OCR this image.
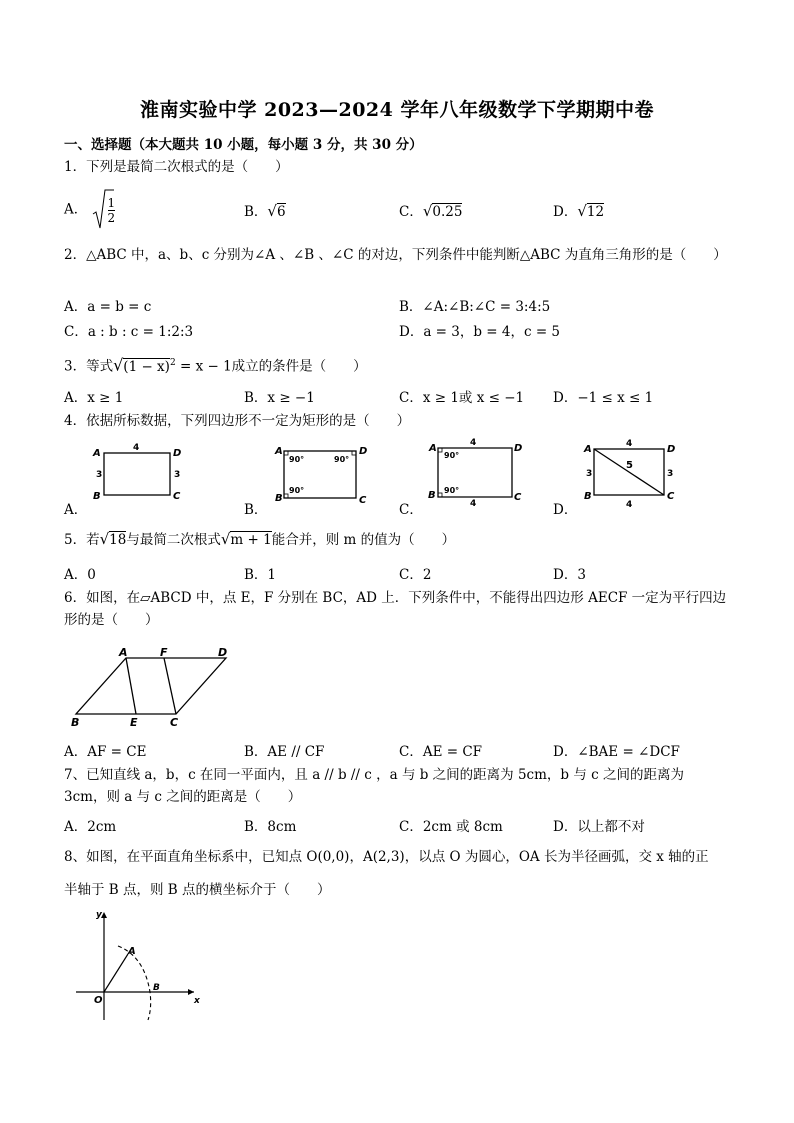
淮南实验中学 2023—2024 学年八年级数学下学期期中卷
一、选择题（本大题共 10 小题，每小题 3 分，共 30 分）
1．下列是最简二次根式的是（　　）
A． $\frac{1}{2}$	B．√6	C．√0.25	D．√12
2．△ABC 中，a、b、c 分别为∠A 、∠B 、∠C 的对边，下列条件中能判断△ABC 为直角三角形的是（　　）
A．a = b = c	B．∠A:∠B:∠C = 3:4:5
C．a : b : c = 1:2:3	D．a = 3，b = 4，c = 5
3．等式$√(1 - x)^2 = x - 1$成立的条件是（　　）
A．x ≥ 1	B．x ≥ −1	C．x ≥ 1或 x ≤ −1 D．−1 ≤ x ≤ 1
4．依据所标数据，下列四边形不一定为矩形的是（　　）
A．	B．	C．	D．
A	D
B	C
4
3	3
A	D
B	C
90°	90°
90°
A	D
B	C
4
4
90°
90°
A	D
B	C
4
4
3	3
5
5．若√18与最简二次根式√m + 1能合并，则 m 的值为（　　）
A．0	B．1	C．2	D．3
6．如图，在▱ABCD 中，点 E，F 分别在 BC，AD 上．下列条件中，不能得出四边形 AECF 一定为平行四边形的是（　　）
A	F	D
B	E	C
A．AF = CE	B．AE // CF	C．AE = CF	D．∠BAE = ∠DCF
7、已知直线 a，b，c 在同一平面内，且 a // b // c ，a 与 b 之间的距离为 5cm，b 与 c 之间的距离为 3cm，则 a 与 c 之间的距离是（　　）
A．2cm	B．8cm	C．2cm 或 8cm	D．以上都不对
8、如图，在平面直角坐标系中，已知点 O(0,0)，A(2,3)，以点 O 为圆心，OA 长为半径画弧，交 x 轴的正
半轴于 B 点，则 B 点的横坐标介于（　　）
y
x
O
A
B
